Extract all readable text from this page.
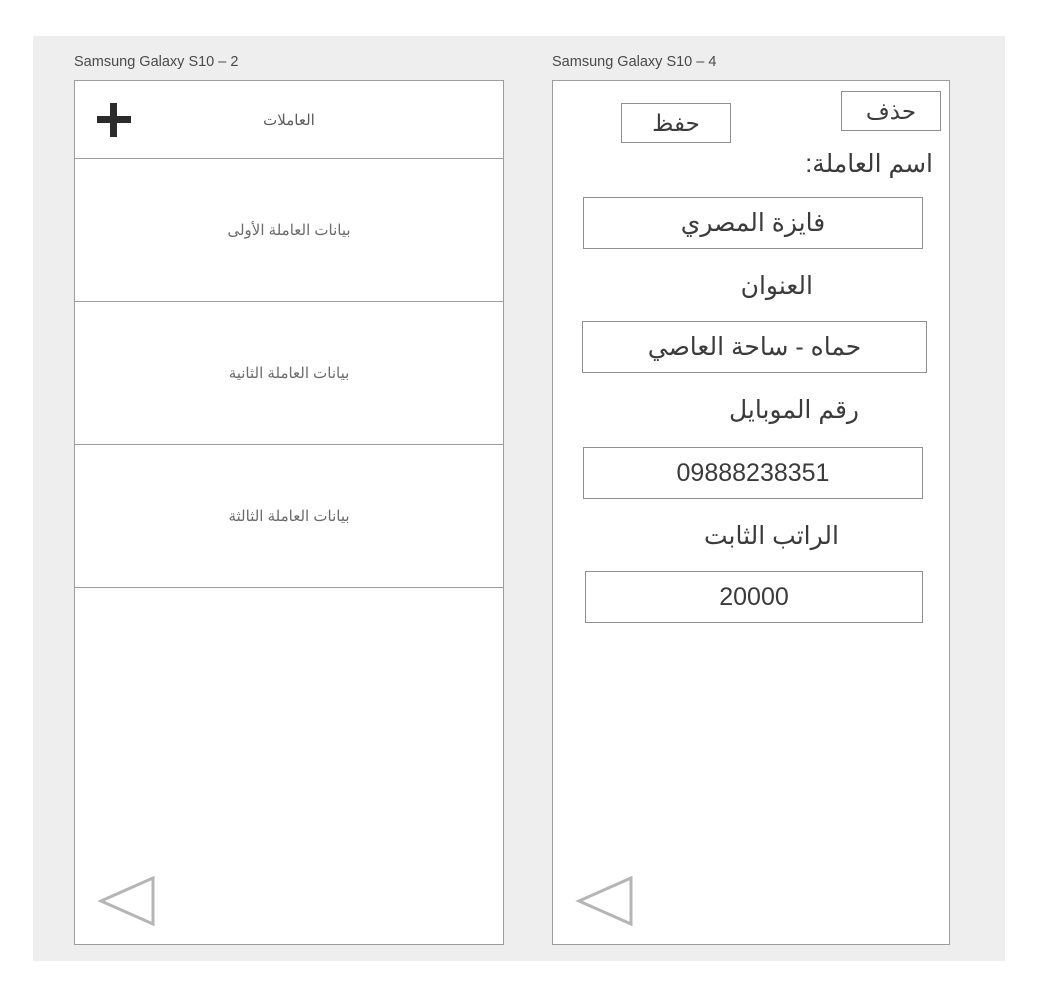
Samsung Galaxy S10 – 2
العاملات
بيانات العاملة الأولى
بيانات العاملة الثانية
بيانات العاملة الثالثة
Samsung Galaxy S10 – 4
حذف
حفظ
اسم العاملة:
فايزة المصري
العنوان
حماه - ساحة العاصي
رقم الموبايل
09888238351
الراتب الثابت
20000
